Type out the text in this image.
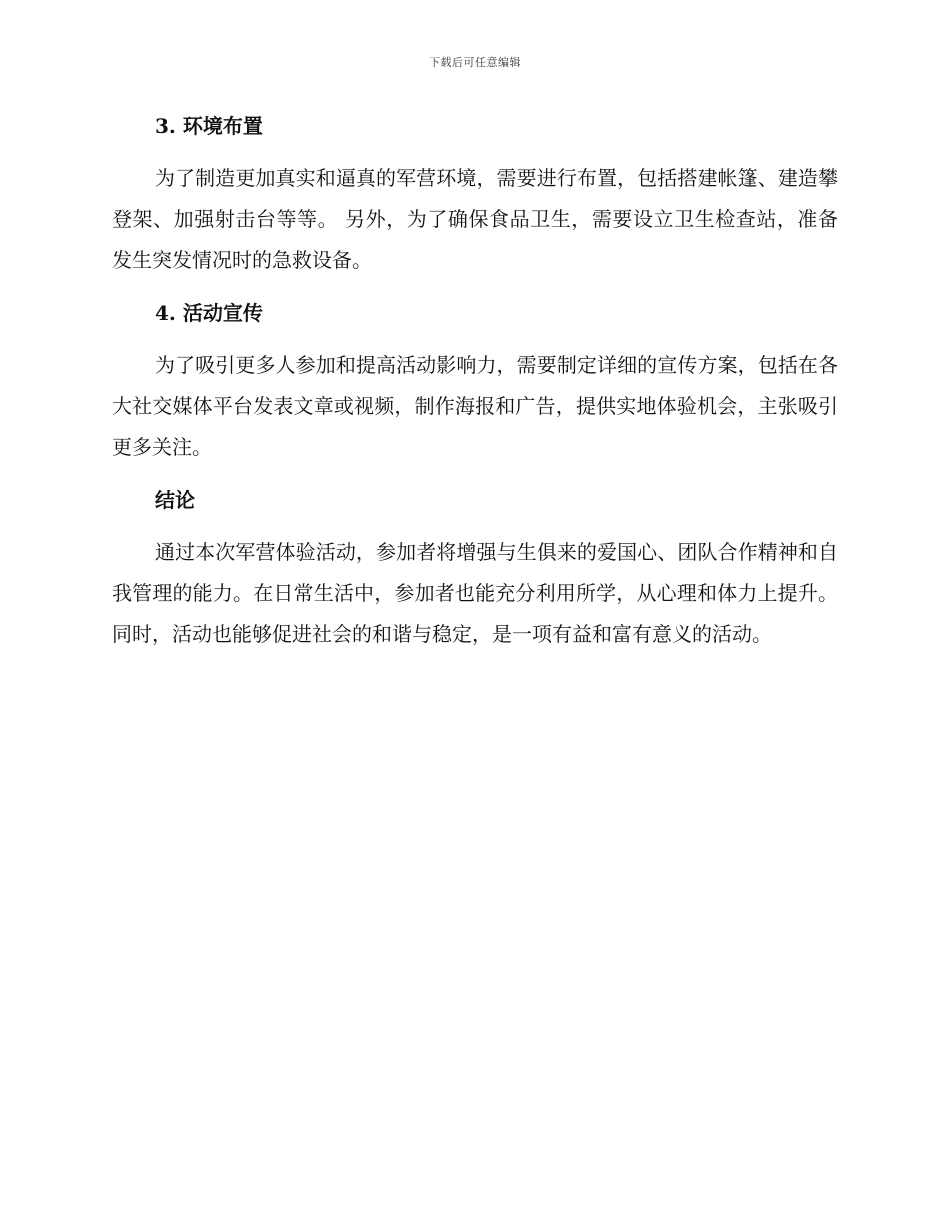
下载后可任意编辑
3. 环境布置

为了制造更加真实和逼真的军营环境，需要进行布置，包括搭建帐篷、建造攀登架、加强射击台等等。 另外，为了确保食品卫生，需要设立卫生检查站，准备发生突发情况时的急救设备。

4. 活动宣传

为了吸引更多人参加和提高活动影响力，需要制定详细的宣传方案，包括在各大社交媒体平台发表文章或视频，制作海报和广告，提供实地体验机会，主张吸引更多关注。

结论

通过本次军营体验活动，参加者将增强与生俱来的爱国心、团队合作精神和自我管理的能力。在日常生活中，参加者也能充分利用所学，从心理和体力上提升。同时，活动也能够促进社会的和谐与稳定，是一项有益和富有意义的活动。
